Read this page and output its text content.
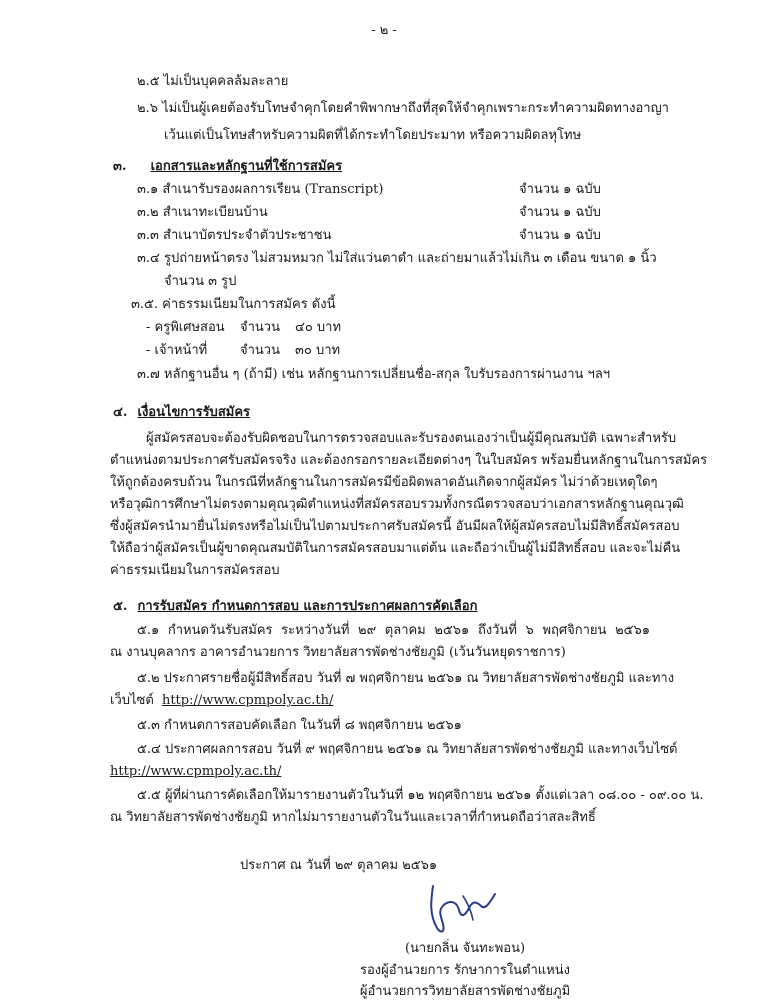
- ๒ -
๒.๕ ไม่เป็นบุคคลล้มละลาย
๒.๖ ไม่เป็นผู้เคยต้องรับโทษจำคุกโดยคำพิพากษาถึงที่สุดให้จำคุกเพราะกระทำความผิดทางอาญา
เว้นแต่เป็นโทษสำหรับความผิดที่ได้กระทำโดยประมาท หรือความผิดลหุโทษ
๓. เอกสารและหลักฐานที่ใช้การสมัคร
๓.๑ สำเนารับรองผลการเรียน (Transcript)	จำนวน ๑ ฉบับ
๓.๒ สำเนาทะเบียนบ้าน	จำนวน ๑ ฉบับ
๓.๓ สำเนาบัตรประจำตัวประชาชน	จำนวน ๑ ฉบับ
๓.๔ รูปถ่ายหน้าตรง ไม่สวมหมวก ไม่ใส่แว่นตาดำ และถ่ายมาแล้วไม่เกิน ๓ เดือน ขนาด ๑ นิ้ว
จำนวน ๓ รูป
๓.๕. ค่าธรรมเนียมในการสมัคร ดังนี้
- ครูพิเศษสอน จำนวน ๔๐ บาท
- เจ้าหน้าที่	จำนวน ๓๐ บาท
๓.๗ หลักฐานอื่น ๆ (ถ้ามี) เช่น หลักฐานการเปลี่ยนชื่อ-สกุล ใบรับรองการผ่านงาน ฯลฯ
๔. เงื่อนไขการรับสมัคร
ผู้สมัครสอบจะต้องรับผิดชอบในการตรวจสอบและรับรองตนเองว่าเป็นผู้มีคุณสมบัติ เฉพาะสำหรับ
ตำแหน่งตามประกาศรับสมัครจริง และต้องกรอกรายละเอียดต่างๆ ในใบสมัคร พร้อมยื่นหลักฐานในการสมัคร
ให้ถูกต้องครบถ้วน ในกรณีที่หลักฐานในการสมัครมีข้อผิดพลาดอันเกิดจากผู้สมัคร ไม่ว่าด้วยเหตุใดๆ
หรือวุฒิการศึกษาไม่ตรงตามคุณวุฒิตำแหน่งที่สมัครสอบรวมทั้งกรณีตรวจสอบว่าเอกสารหลักฐานคุณวุฒิ
ซึ่งผู้สมัครนำมายื่นไม่ตรงหรือไม่เป็นไปตามประกาศรับสมัครนี้ อันมีผลให้ผู้สมัครสอบไม่มีสิทธิ์สมัครสอบ
ให้ถือว่าผู้สมัครเป็นผู้ขาดคุณสมบัติในการสมัครสอบมาแต่ต้น และถือว่าเป็นผู้ไม่มีสิทธิ์สอบ และจะไม่คืน
ค่าธรรมเนียมในการสมัครสอบ
๕. การรับสมัคร กำหนดการสอบ และการประกาศผลการคัดเลือก
๕.๑ กำหนดวันรับสมัคร ระหว่างวันที่ ๒๙ ตุลาคม ๒๕๖๑ ถึงวันที่ ๖ พฤศจิกายน ๒๕๖๑
ณ งานบุคลากร อาคารอำนวยการ วิทยาลัยสารพัดช่างชัยภูมิ (เว้นวันหยุดราชการ)
๕.๒ ประกาศรายชื่อผู้มีสิทธิ์สอบ วันที่ ๗ พฤศจิกายน ๒๕๖๑ ณ วิทยาลัยสารพัดช่างชัยภูมิ และทาง
เว็บไซต์ http://www.cpmpoly.ac.th/
๕.๓ กำหนดการสอบคัดเลือก ในวันที่ ๘ พฤศจิกายน ๒๕๖๑
๕.๔ ประกาศผลการสอบ วันที่ ๙ พฤศจิกายน ๒๕๖๑ ณ วิทยาลัยสารพัดช่างชัยภูมิ และทางเว็บไซต์
http://www.cpmpoly.ac.th/
๕.๕ ผู้ที่ผ่านการคัดเลือกให้มารายงานตัวในวันที่ ๑๒ พฤศจิกายน ๒๕๖๑ ตั้งแต่เวลา ๐๘.๐๐ - ๐๙.๐๐ น.
ณ วิทยาลัยสารพัดช่างชัยภูมิ หากไม่มารายงานตัวในวันและเวลาที่กำหนดถือว่าสละสิทธิ์
ประกาศ ณ วันที่ ๒๙ ตุลาคม ๒๕๖๑
(นายกลิ่น จันทะพอน)
รองผู้อำนวยการ รักษาการในตำแหน่ง
ผู้อำนวยการวิทยาลัยสารพัดช่างชัยภูมิ
